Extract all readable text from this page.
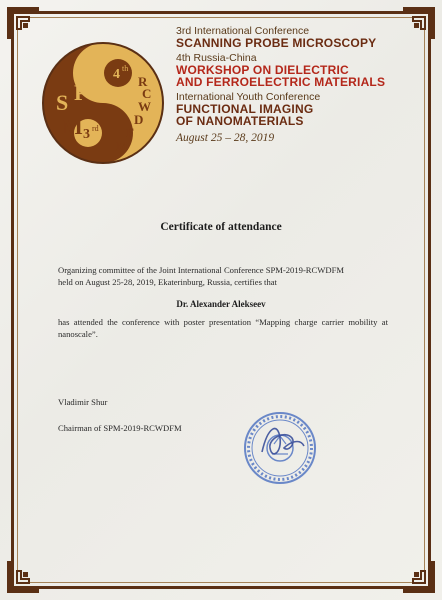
4 th
3 rd
S P
M
R
C
W
D
F
M

3rd International Conference

SCANNING PROBE MICROSCOPY

4th Russia-China

WORKSHOP ON DIELECTRIC

AND FERROELECTRIC MATERIALS

International Youth Conference

FUNCTIONAL IMAGING

OF NANOMATERIALS

August 25 – 28, 2019

Certificate of attendance
Organizing committee of the Joint International Conference SPM-2019-RCWDFM
held on August 25-28, 2019, Ekaterinburg, Russia, certifies that
Dr. Alexander Alekseev
has attended the conference with poster presentation “Mapping charge carrier mobility at nanoscale”.
Vladimir Shur
Chairman of SPM-2019-RCWDFM
